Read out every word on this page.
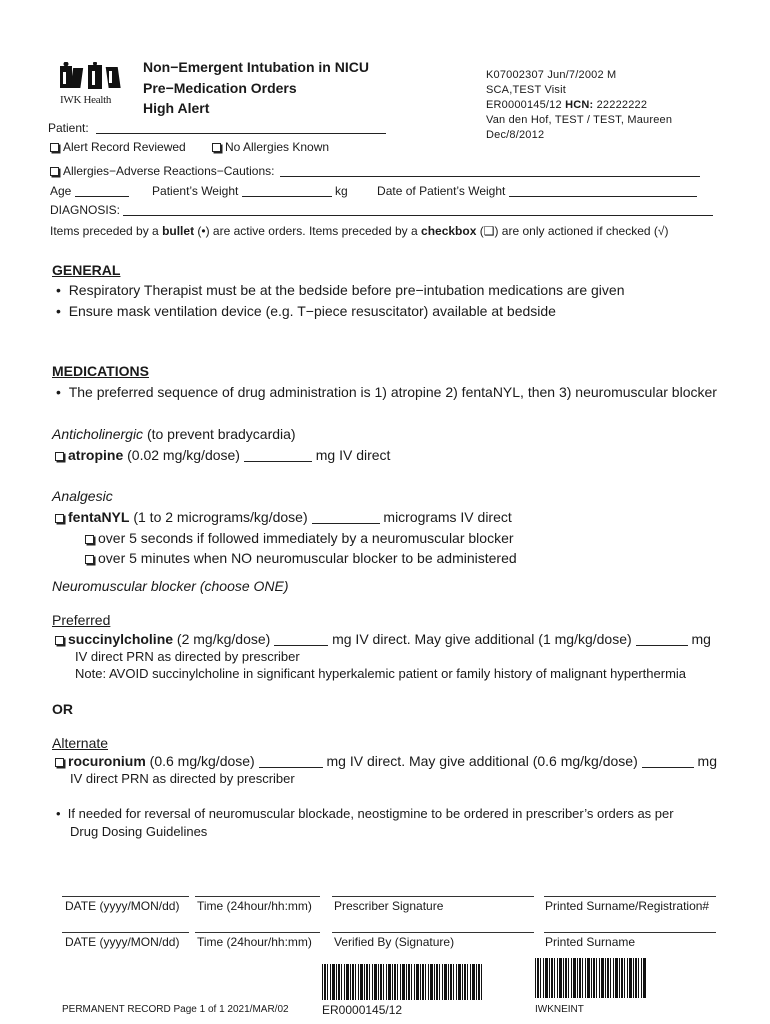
IWK Health
Non−Emergent Intubation in NICU
Pre−Medication Orders
High Alert
K07002307 Jun/7/2002 M
SCA,TEST Visit
ER0000145/12 HCN: 22222222
Van den Hof, TEST / TEST, Maureen
Dec/8/2012
Patient:
Alert Record Reviewed	No Allergies Known
Allergies−Adverse Reactions−Cautions:
Age	Patient’s Weight	kg Date of Patient’s Weight
DIAGNOSIS:
Items preceded by a bullet (•) are active orders. Items preceded by a checkbox (❑) are only actioned if checked (√)
GENERAL
•  Respiratory Therapist must be at the bedside before pre−intubation medications are given
•  Ensure mask ventilation device (e.g. T−piece resuscitator) available at bedside
MEDICATIONS
•  The preferred sequence of drug administration is 1) atropine 2) fentaNYL, then 3) neuromuscular blocker
Anticholinergic (to prevent bradycardia)
atropine (0.02 mg/kg/dose)	mg IV direct
Analgesic
fentaNYL (1 to 2 micrograms/kg/dose)	micrograms IV direct
over 5 seconds if followed immediately by a neuromuscular blocker
over 5 minutes when NO neuromuscular blocker to be administered
Neuromuscular blocker (choose ONE)
Preferred
succinylcholine (2 mg/kg/dose)	mg IV direct. May give additional (1 mg/kg/dose)	mg
IV direct PRN as directed by prescriber
Note: AVOID succinylcholine in significant hyperkalemic patient or family history of malignant hyperthermia
OR
Alternate
rocuronium (0.6 mg/kg/dose)	mg IV direct. May give additional (0.6 mg/kg/dose)	mg
IV direct PRN as directed by prescriber
•  If needed for reversal of neuromuscular blockade, neostigmine to be ordered in prescriber’s orders as per
Drug Dosing Guidelines
DATE (yyyy/MON/dd) Time (24hour/hh:mm) Prescriber Signature	Printed Surname/Registration#
DATE (yyyy/MON/dd) Time (24hour/hh:mm) Verified By (Signature)	Printed Surname
PERMANENT RECORD Page 1 of 1 2021/MAR/02	ER0000145/12	IWKNEINT
